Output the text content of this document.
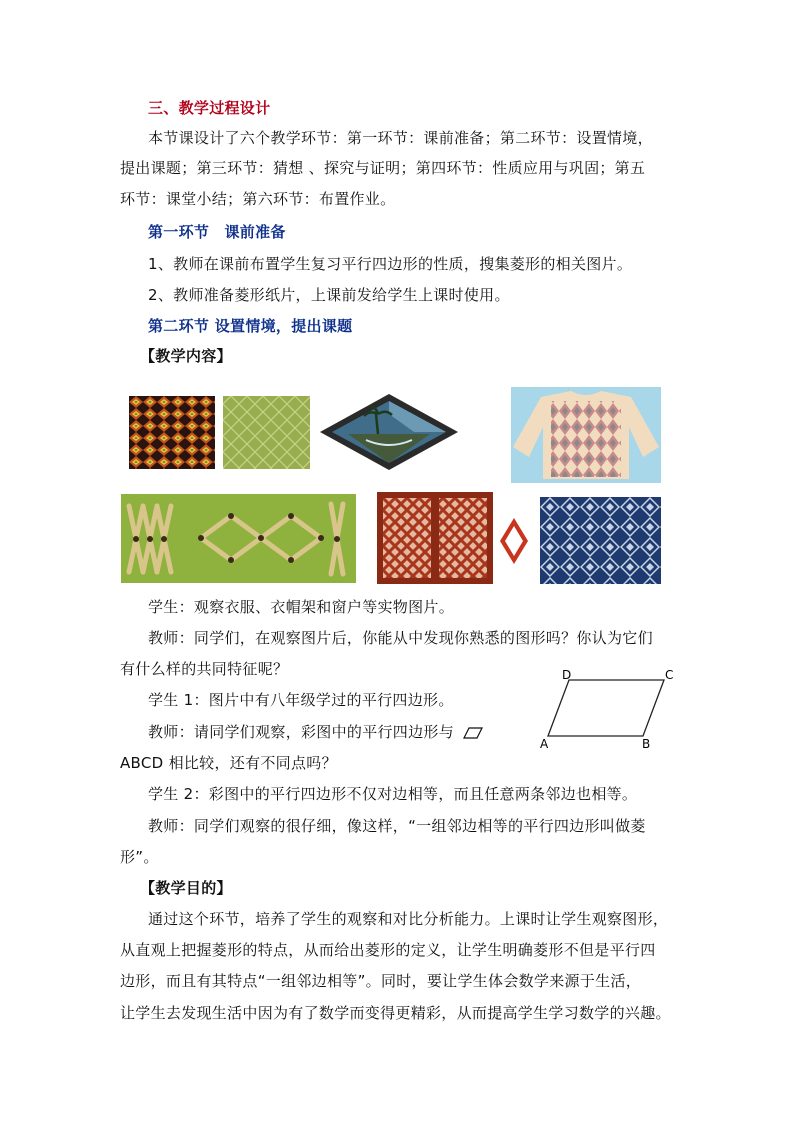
三、教学过程设计
本节课设计了六个教学环节：第一环节：课前准备；第二环节：设置情境，
提出课题；第三环节：猜想 、探究与证明；第四环节：性质应用与巩固；第五
环节：课堂小结；第六环节：布置作业。
第一环节　课前准备
1、教师在课前布置学生复习平行四边形的性质，搜集菱形的相关图片。
2、教师准备菱形纸片，上课前发给学生上课时使用。
第二环节 设置情境，提出课题
【教学内容】
学生：观察衣服、衣帽架和窗户等实物图片。
教师：同学们，在观察图片后，你能从中发现你熟悉的图形吗？你认为它们
有什么样的共同特征呢？
学生 1：图片中有八年级学过的平行四边形。
教师：请同学们观察，彩图中的平行四边形与
ABCD 相比较，还有不同点吗？
学生 2：彩图中的平行四边形不仅对边相等，而且任意两条邻边也相等。
教师：同学们观察的很仔细，像这样，“一组邻边相等的平行四边形叫做菱
形”。
D	C
A	B
【教学目的】
通过这个环节，培养了学生的观察和对比分析能力。上课时让学生观察图形，
从直观上把握菱形的特点，从而给出菱形的定义，让学生明确菱形不但是平行四
边形，而且有其特点“一组邻边相等”。同时，要让学生体会数学来源于生活，
让学生去发现生活中因为有了数学而变得更精彩，从而提高学生学习数学的兴趣。
